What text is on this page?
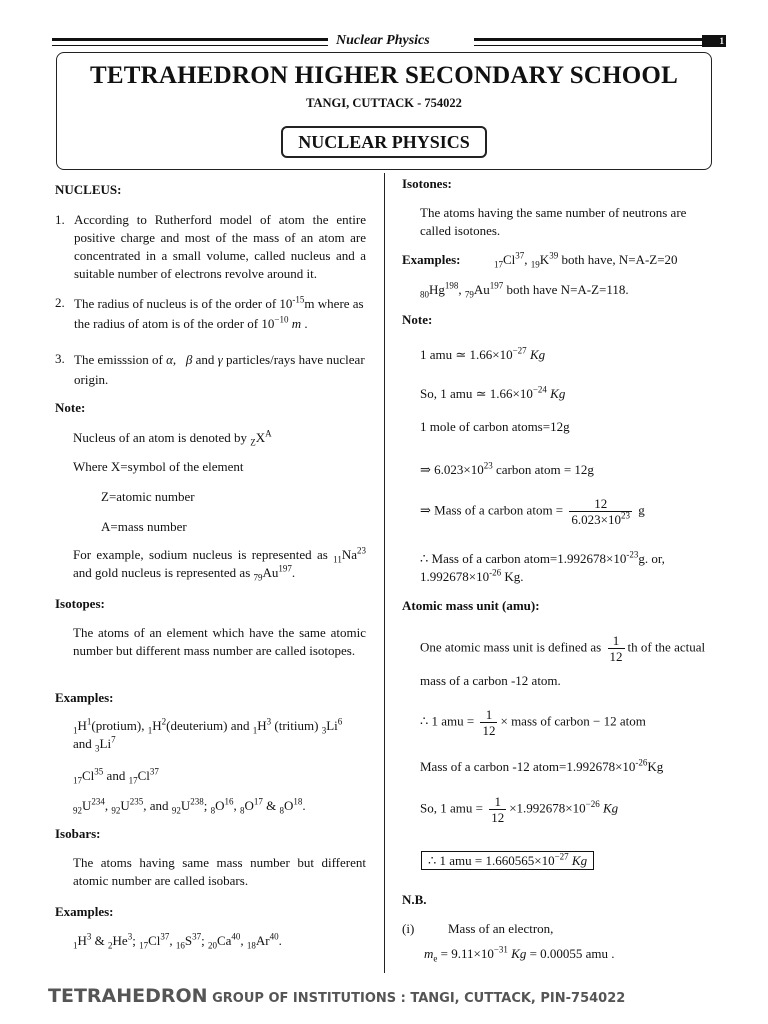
Nuclear Physics	1
TETRAHEDRON HIGHER SECONDARY SCHOOL
TANGI, CUTTACK - 754022
NUCLEAR PHYSICS
NUCLEUS:
1. According to Rutherford model of atom the entire positive charge and most of the mass of an atom are concentrated in a small volume, called nucleus and a suitable number of electrons revolve around it.
2. The radius of nucleus is of the order of $10^{-15}m$ where as the radius of atom is of the order of $10^{-10}$ m .
3. The emisssion of α, β and γ particles/rays have nuclear origin.
Note:
Nucleus of an atom is denoted by $_ZX^A$
Where X=symbol of the element
Z=atomic number
A=mass number
For example, sodium nucleus is represented as $_{11}Na^{23}$ and gold nucleus is represented as $_{79}Au^{197}$.
Isotopes:
The atoms of an element which have the same atomic number but different mass number are called isotopes.
Examples:
$_1H^1(protium)$, $_1H^2(deuterium)$ and $_1H^3$ (tritium) $_3Li^6$
and $_3Li^7$
$_{17}Cl^{35}$ and $_{17}Cl^{37}$
$_{92}U^{234}$, $_{92}U^{235}$, and $_{92}U^{238}$; $_8O^{16}$, $_8O^{17}$ & $_8O^{18}$.
Isobars:
The atoms having same mass number but different atomic number are called isobars.
Examples:
$_1H^3$ & $_2He^3$; $_{17}Cl^{37}$, $_{16}S^{37}$; $_{20}Ca^{40}$, $_{18}Ar^{40}$.
Isotones:
The atoms having the same number of neutrons are called isotones.
Examples:	$_{17}Cl^{37}$, $_{19}K^{39}$ both have, N=A-Z=20
$_{80}Hg^{198}$, $_{79}Au^{197}$ both have N=A-Z=118.
Note:
1 amu ≃ $1.66\times 10^{-27}$ Kg
So, 1 amu ≃ $1.66\times 10^{-24}$ Kg
1 mole of carbon atoms=12g
⇒ $6.023\times 10^{23}$ carbon atom = 12g
⇒ Mass of a carbon atom = $\frac{12}{6.023\times 10^{23}}$ g
∴ Mass of a carbon $atom=1.992678\times 10^{-23}g$. or,
$1.992678\times 10^{-26}$ Kg.
Atomic mass unit (amu):
One atomic mass unit is defined as $\frac{1}{12}$ th of the actual
mass of a carbon -12 atom.
∴ 1 amu = $\frac{1}{12}$ × mass of carbon − 12 atom
Mass of a carbon -12 $atom=1.992678\times 10^{-26}Kg$
So, 1 amu = $\frac{1}{12} \times 1.992678\times 10^{-26}$ Kg
∴ 1 amu = $1.660565\times 10^{-27}$ Kg
N.B.
(i)	Mass of an electron,
$m_e = 9.11\times 10^{-31}$ Kg = 0.00055 amu .
TETRAHEDRON GROUP OF INSTITUTIONS : TANGI, CUTTACK, PIN-754022
